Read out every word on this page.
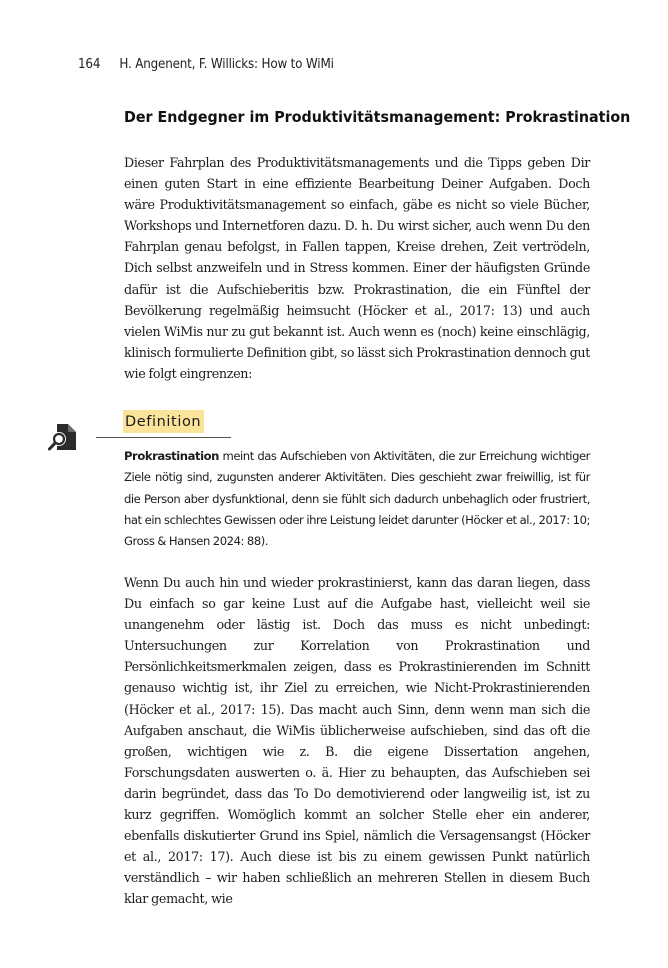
164 H. Angenent, F. Willicks: How to WiMi
Der Endgegner im Produktivitätsmanagement: Prokrastination

Dieser Fahrplan des Produktivitätsmanagements und die Tipps geben Dir einen guten Start in eine effiziente Bearbeitung Deiner Aufgaben. Doch wäre Produktivitätsmanagement so einfach, gäbe es nicht so viele Bücher, Workshops und Internetforen dazu. D. h. Du wirst sicher, auch wenn Du den Fahrplan genau befolgst, in Fallen tappen, Kreise drehen, Zeit vertrödeln, Dich selbst anzweifeln und in Stress kommen. Einer der häufigsten Gründe dafür ist die Aufschieberitis bzw. Prokrastination, die ein Fünftel der Bevölkerung regelmäßig heimsucht (Höcker et al., 2017: 13) und auch vielen WiMis nur zu gut bekannt ist. Auch wenn es (noch) keine einschlägig, klinisch formulierte Definition gibt, so lässt sich Prokrastination dennoch gut wie folgt eingrenzen:

Definition

Prokrastination meint das Aufschieben von Aktivitäten, die zur Erreichung wichtiger Ziele nötig sind, zugunsten anderer Aktivitäten. Dies geschieht zwar freiwillig, ist für die Person aber dysfunktional, denn sie fühlt sich dadurch unbehaglich oder frustriert, hat ein schlechtes Gewissen oder ihre Leistung leidet darunter (Höcker et al., 2017: 10; Gross & Hansen 2024: 88).

Wenn Du auch hin und wieder prokrastinierst, kann das daran liegen, dass Du einfach so gar keine Lust auf die Aufgabe hast, vielleicht weil sie unangenehm oder lästig ist. Doch das muss es nicht unbedingt: Untersuchungen zur Korrelation von Prokrastination und Persönlichkeitsmerkmalen zeigen, dass es Prokrastinierenden im Schnitt genauso wichtig ist, ihr Ziel zu erreichen, wie Nicht-Prokrastinierenden (Höcker et al., 2017: 15). Das macht auch Sinn, denn wenn man sich die Aufgaben anschaut, die WiMis üblicherweise aufschieben, sind das oft die großen, wichtigen wie z. B. die eigene Dissertation angehen, Forschungsdaten auswerten o. ä. Hier zu behaupten, das Aufschieben sei darin begründet, dass das To Do demotivierend oder langweilig ist, ist zu kurz gegriffen. Womöglich kommt an solcher Stelle eher ein anderer, ebenfalls diskutierter Grund ins Spiel, nämlich die Versagensangst (Höcker et al., 2017: 17). Auch diese ist bis zu einem gewissen Punkt natürlich verständlich – wir haben schließlich an mehreren Stellen in diesem Buch klar gemacht, wie
